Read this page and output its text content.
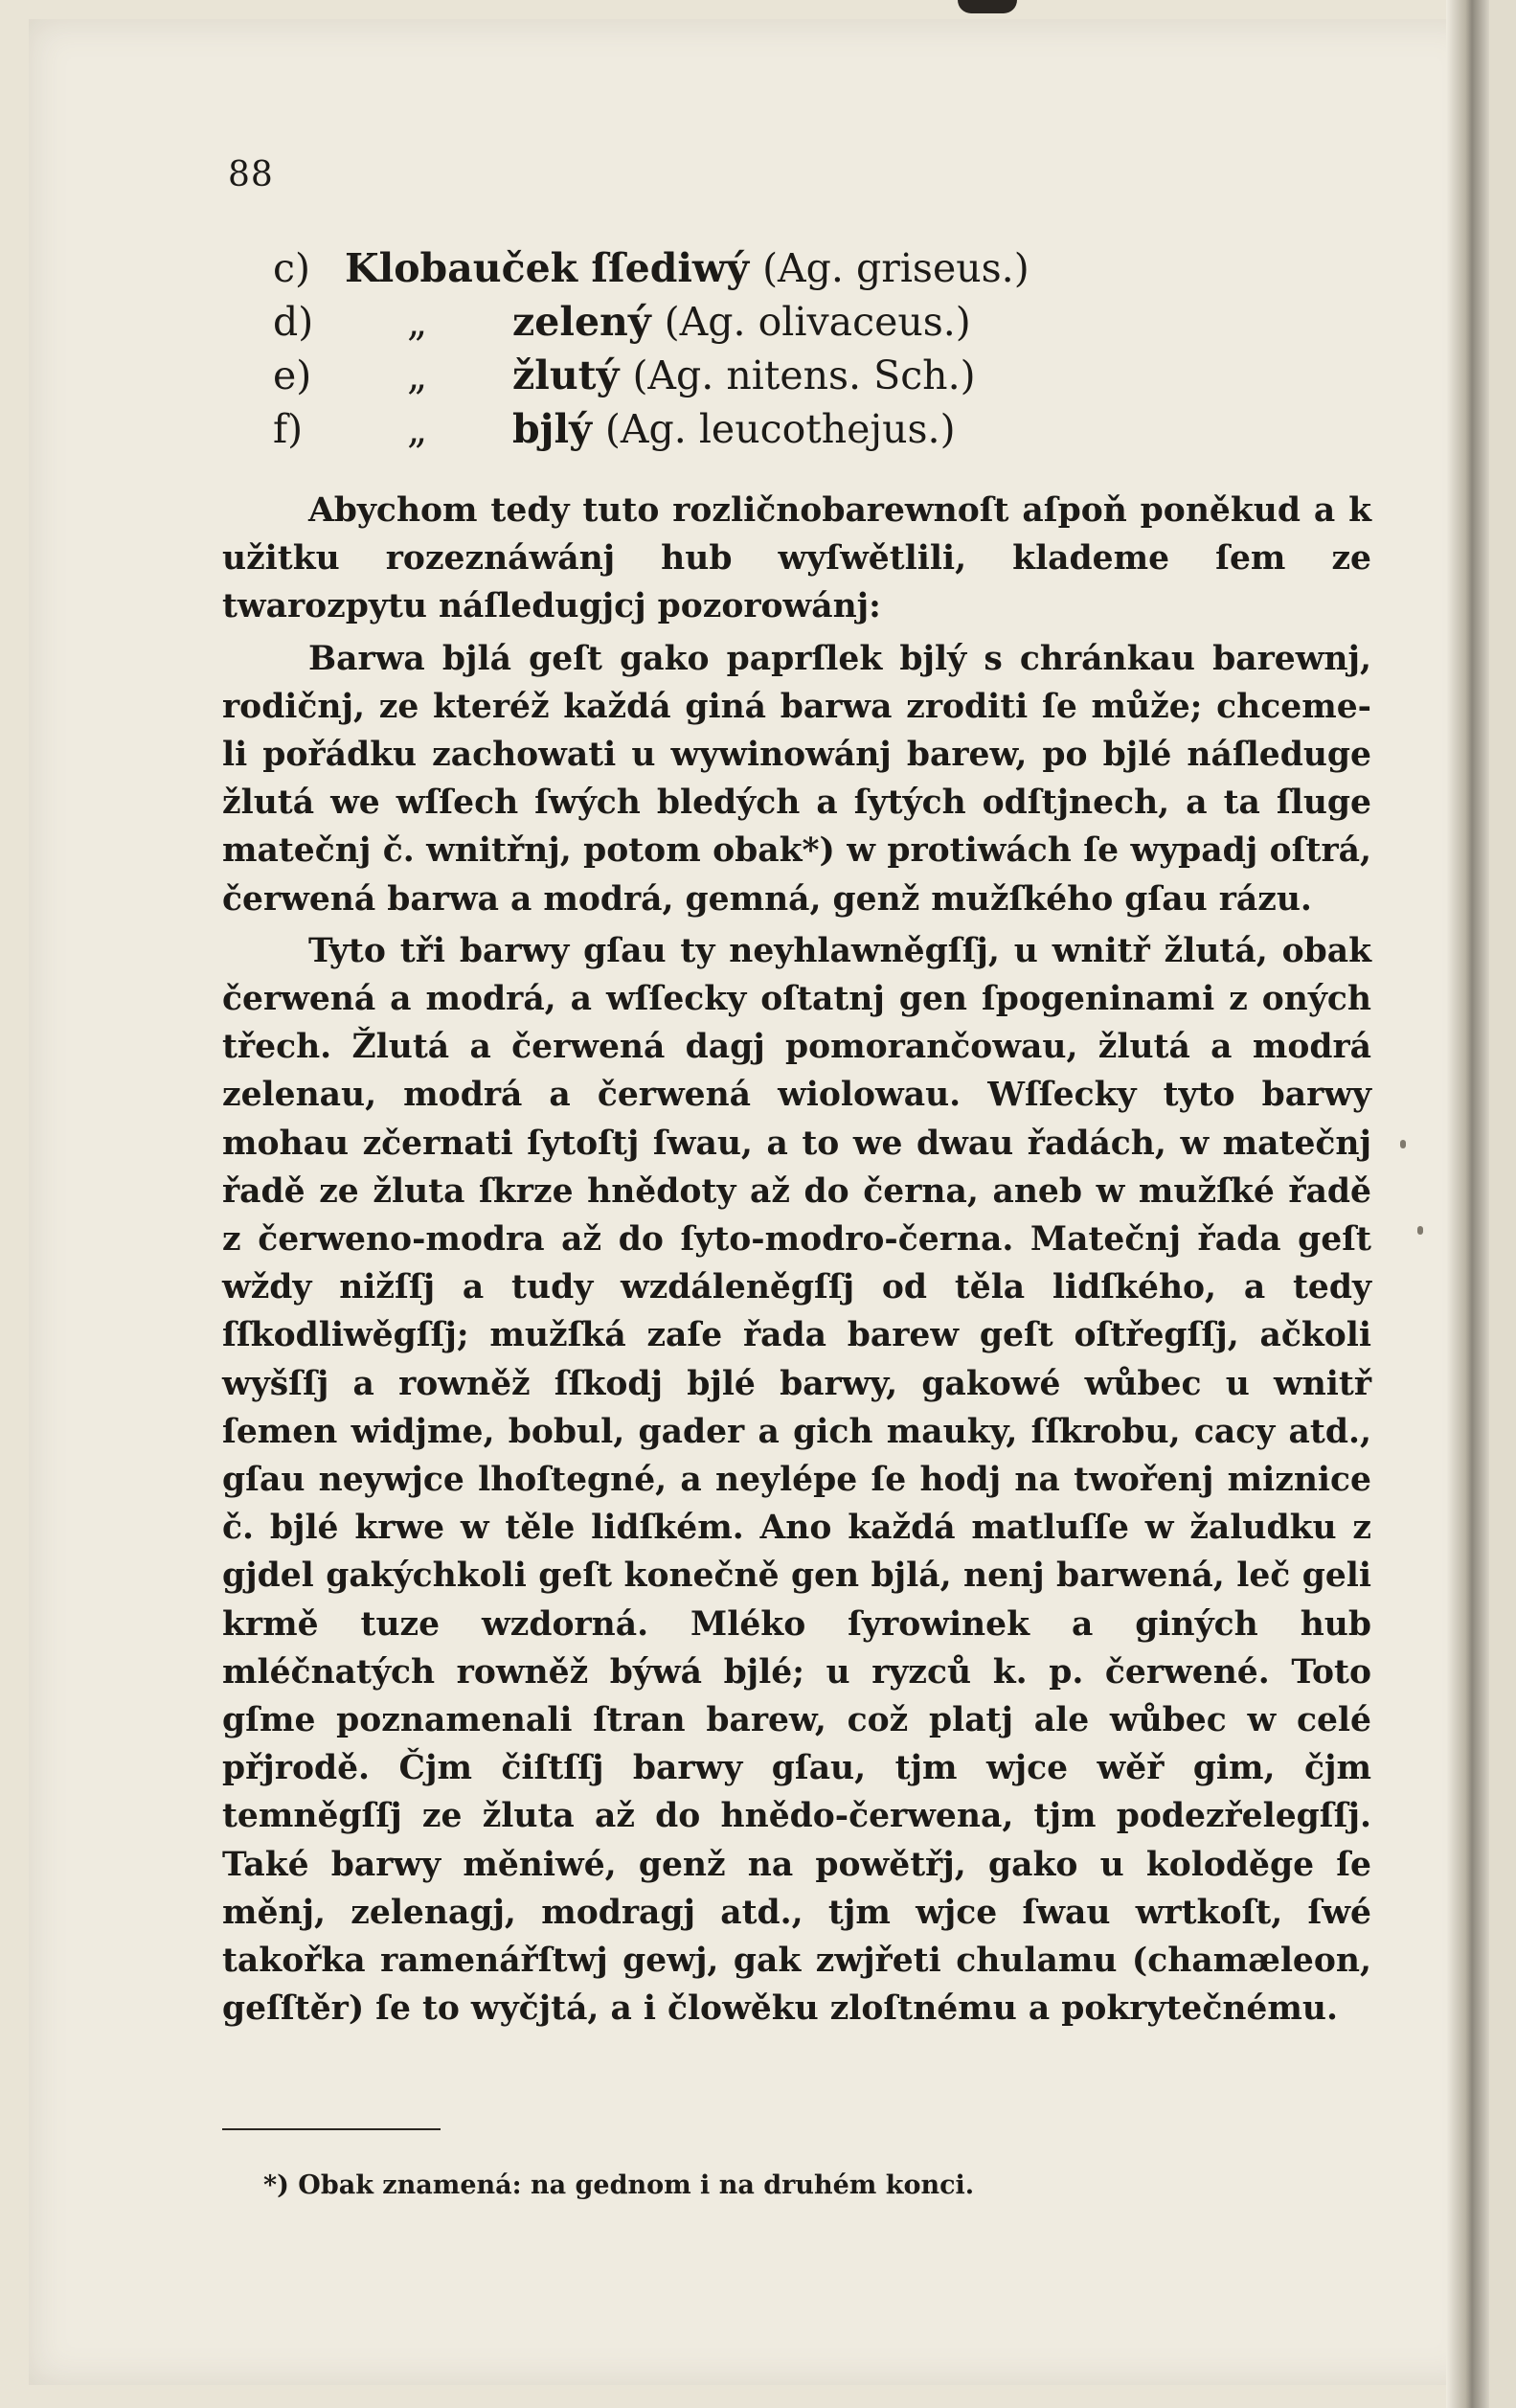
88
c) Klobauček ſſediwý (Ag. griseus.)
d)	„	zelený (Ag. olivaceus.)
e)	„	žlutý (Ag. nitens. Sch.)
f)	„	bjlý (Ag. leucothejus.)

Abychom tedy tuto rozličnobarewnoſt aſpoň poněkud a k užitku rozeznáwánj hub wyſwětlili, klademe ſem ze twarozpytu náſledugjcj pozorowánj:

Barwa bjlá geſt gako paprſlek bjlý s chránkau barewnj, rodičnj, ze kteréž každá giná barwa zroditi ſe může; chceme-li pořádku zachowati u wywinowánj barew, po bjlé náſleduge žlutá we wſſech ſwých bledých a ſytých odſtjnech, a ta ſluge matečnj č. wnitřnj, potom obak*) w protiwách ſe wypadj oſtrá, čerwená barwa a modrá, gemná, genž mužſkého gſau rázu.

Tyto tři barwy gſau ty neyhlawněgſſj, u wnitř žlutá, obak čerwená a modrá, a wſſecky oſtatnj gen ſpogeninami z oných třech. Žlutá a čerwená dagj pomorančowau, žlutá a modrá zelenau, modrá a čerwená wiolowau. Wſſecky tyto barwy mohau zčernati ſytoſtj ſwau, a to we dwau řadách, w matečnj řadě ze žluta ſkrze hnědoty až do černa, aneb w mužſké řadě z čerweno-modra až do ſyto-modro-černa. Matečnj řada geſt wždy nižſſj a tudy wzdáleněgſſj od těla lidſkého, a tedy ſſkodliwěgſſj; mužſká zaſe řada barew geſt oſtřegſſj, ačkoli wyšſſj a rowněž ſſkodj bjlé barwy, gakowé wůbec u wnitř ſemen widjme, bobul, gader a gich mauky, ſſkrobu, cacy atd., gſau neywjce lhoſtegné, a neylépe ſe hodj na twořenj miznice č. bjlé krwe w těle lidſkém. Ano každá matluſſe w žaludku z gjdel gakýchkoli geſt konečně gen bjlá, nenj barwená, leč geli krmě tuze wzdorná. Mléko ſyrowinek a giných hub mléčnatých rowněž býwá bjlé; u ryzců k. p. čerwené. Toto gſme poznamenali ſtran barew, což platj ale wůbec w celé přjrodě. Čjm čiſtſſj barwy gſau, tjm wjce wěř gim, čjm temněgſſj ze žluta až do hnědo-čerwena, tjm podezřelegſſj. Také barwy měniwé, genž na powětřj, gako u koloděge ſe měnj, zelenagj, modragj atd., tjm wjce ſwau wrtkoſt, ſwé takořka ramenářſtwj gewj, gak zwjřeti chulamu (chamæleon, geſſtěr) ſe to wyčjtá, a i člowěku zloſtnému a pokrytečnému.

*) Obak znamená: na gednom i na druhém konci.
